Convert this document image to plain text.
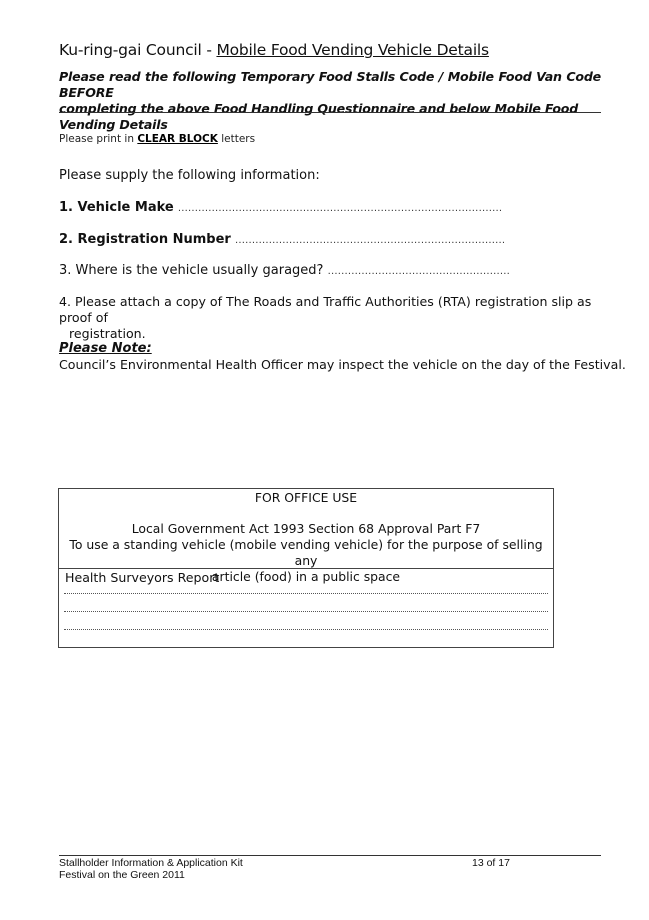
Ku-ring-gai Council - Mobile Food Vending Vehicle Details
Please read the following Temporary Food Stalls Code / Mobile Food Van Code BEFORE
completing the above Food Handling Questionnaire and below Mobile Food Vending Details
Please print in CLEAR BLOCK letters
Please supply the following information:
1. Vehicle Make ................................................................................................
2. Registration Number ................................................................................
3. Where is the vehicle usually garaged? ......................................................
4. Please attach a copy of The Roads and Traffic Authorities (RTA) registration slip as proof of
registration.
Please Note:
Council’s Environmental Health Officer may inspect the vehicle on the day of the Festival.
FOR OFFICE USE
Local Government Act 1993 Section 68 Approval Part F7
To use a standing vehicle (mobile vending vehicle) for the purpose of selling any
article (food) in a public space
Health Surveyors Report
Stallholder Information & Application Kit
Festival on the Green 2011
13 of 17
